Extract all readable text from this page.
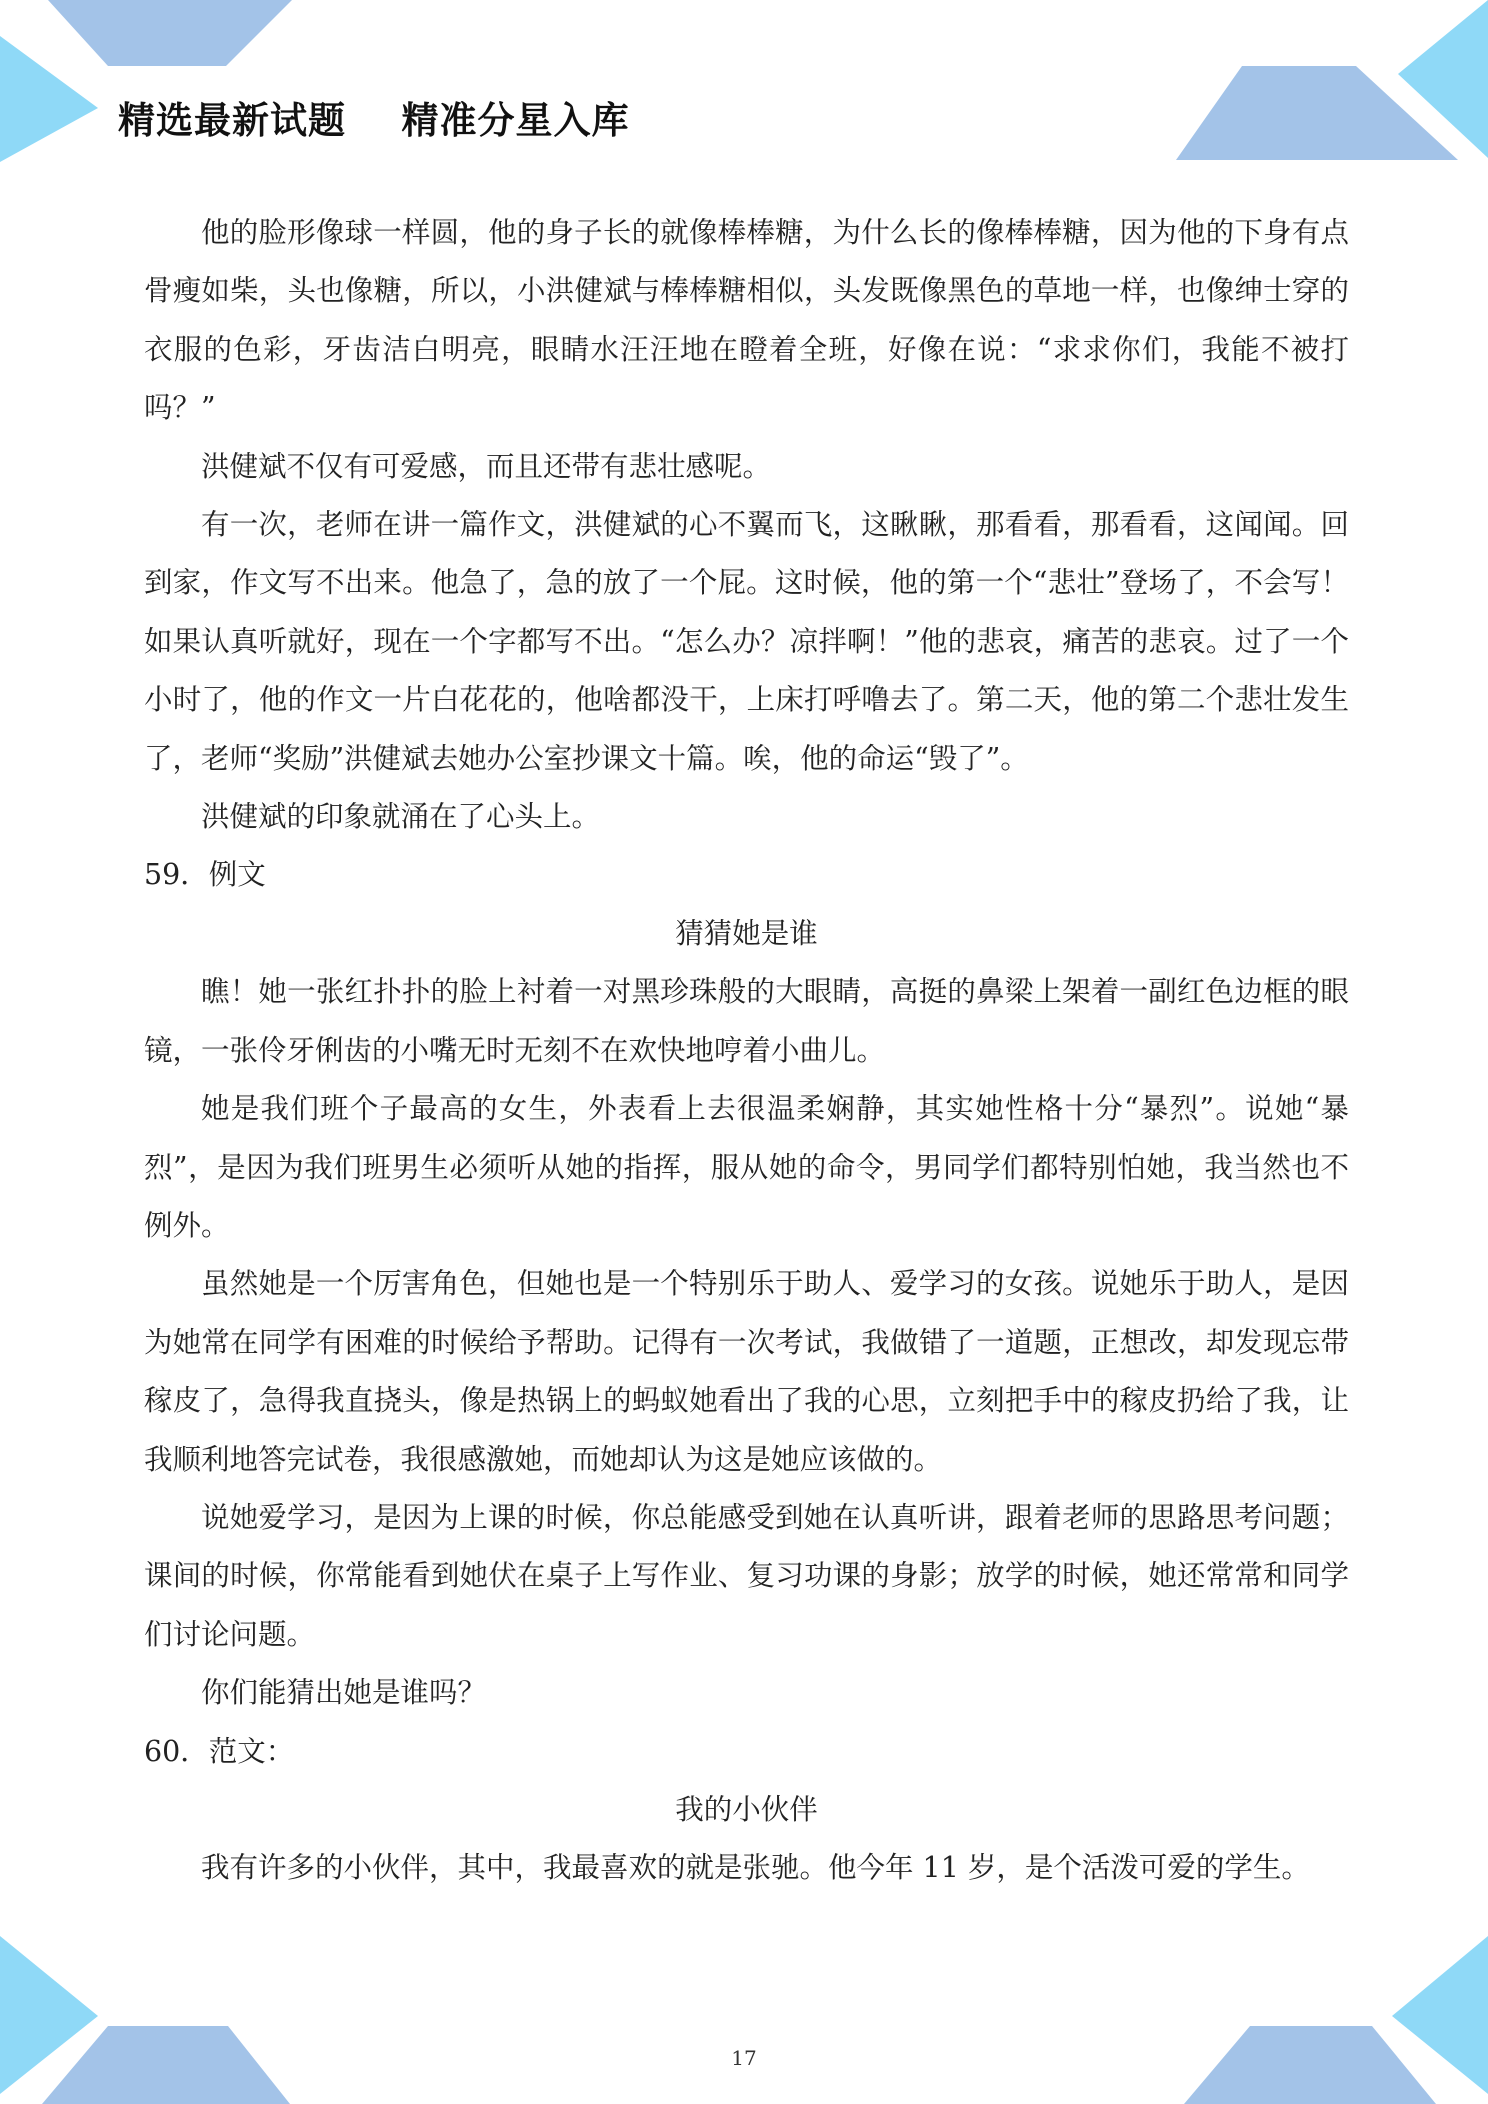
精选最新试题    精准分星入库

他的脸形像球一样圆，他的身子长的就像棒棒糖，为什么长的像棒棒糖，因为他的下身有点骨瘦如柴，头也像糖，所以，小洪健斌与棒棒糖相似，头发既像黑色的草地一样，也像绅士穿的衣服的色彩，牙齿洁白明亮，眼睛水汪汪地在瞪着全班，好像在说：“求求你们，我能不被打吗？”

洪健斌不仅有可爱感，而且还带有悲壮感呢。

有一次，老师在讲一篇作文，洪健斌的心不翼而飞，这瞅瞅，那看看，那看看，这闻闻。回到家，作文写不出来。他急了，急的放了一个屁。这时候，他的第一个“悲壮”登场了，不会写！如果认真听就好，现在一个字都写不出。“怎么办？凉拌啊！”他的悲哀，痛苦的悲哀。过了一个小时了，他的作文一片白花花的，他啥都没干，上床打呼噜去了。第二天，他的第二个悲壮发生了，老师“奖励”洪健斌去她办公室抄课文十篇。唉，他的命运“毁了”。

洪健斌的印象就涌在了心头上。

59．例文

猜猜她是谁

瞧！她一张红扑扑的脸上衬着一对黑珍珠般的大眼睛，高挺的鼻梁上架着一副红色边框的眼镜，一张伶牙俐齿的小嘴无时无刻不在欢快地哼着小曲儿。

她是我们班个子最高的女生，外表看上去很温柔娴静，其实她性格十分“暴烈”。说她“暴烈”，是因为我们班男生必须听从她的指挥，服从她的命令，男同学们都特别怕她，我当然也不例外。

虽然她是一个厉害角色，但她也是一个特别乐于助人、爱学习的女孩。说她乐于助人，是因为她常在同学有困难的时候给予帮助。记得有一次考试，我做错了一道题，正想改，却发现忘带稼皮了，急得我直挠头，像是热锅上的蚂蚁她看出了我的心思，立刻把手中的稼皮扔给了我，让我顺利地答完试卷，我很感激她，而她却认为这是她应该做的。

说她爱学习，是因为上课的时候，你总能感受到她在认真听讲，跟着老师的思路思考问题；课间的时候，你常能看到她伏在桌子上写作业、复习功课的身影；放学的时候，她还常常和同学们讨论问题。

你们能猜出她是谁吗？

60．范文：

我的小伙伴

我有许多的小伙伴，其中，我最喜欢的就是张驰。他今年 11 岁，是个活泼可爱的学生。

17
